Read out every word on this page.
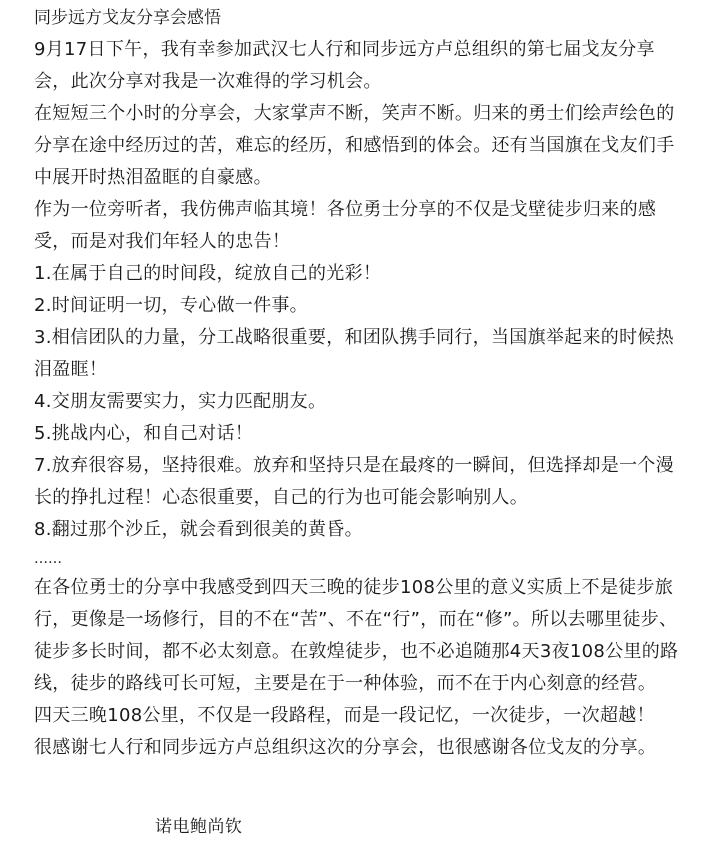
同步远方戈友分享会感悟

9月17日下午，我有幸参加武汉七人行和同步远方卢总组织的第七届戈友分享会，此次分享对我是一次难得的学习机会。

在短短三个小时的分享会，大家掌声不断，笑声不断。归来的勇士们绘声绘色的分享在途中经历过的苦，难忘的经历，和感悟到的体会。还有当国旗在戈友们手中展开时热泪盈眶的自豪感。

作为一位旁听者，我仿佛声临其境！各位勇士分享的不仅是戈壁徒步归来的感受，而是对我们年轻人的忠告！

1.在属于自己的时间段，绽放自己的光彩！

2.时间证明一切，专心做一件事。

3.相信团队的力量，分工战略很重要，和团队携手同行，当国旗举起来的时候热泪盈眶！

4.交朋友需要实力，实力匹配朋友。

5.挑战内心，和自己对话！

7.放弃很容易，坚持很难。放弃和坚持只是在最疼的一瞬间，但选择却是一个漫长的挣扎过程！心态很重要，自己的行为也可能会影响别人。

8.翻过那个沙丘，就会看到很美的黄昏。

……

在各位勇士的分享中我感受到四天三晚的徒步108公里的意义实质上不是徒步旅行，更像是一场修行，目的不在“苦”、不在“行”，而在“修”。所以去哪里徒步、徒步多长时间，都不必太刻意。在敦煌徒步，也不必追随那4天3夜108公里的路线，徒步的路线可长可短，主要是在于一种体验，而不在于内心刻意的经营。

四天三晚108公里，不仅是一段路程，而是一段记忆，一次徒步，一次超越！

很感谢七人行和同步远方卢总组织这次的分享会，也很感谢各位戈友的分享。

诺电鲍尚钦
